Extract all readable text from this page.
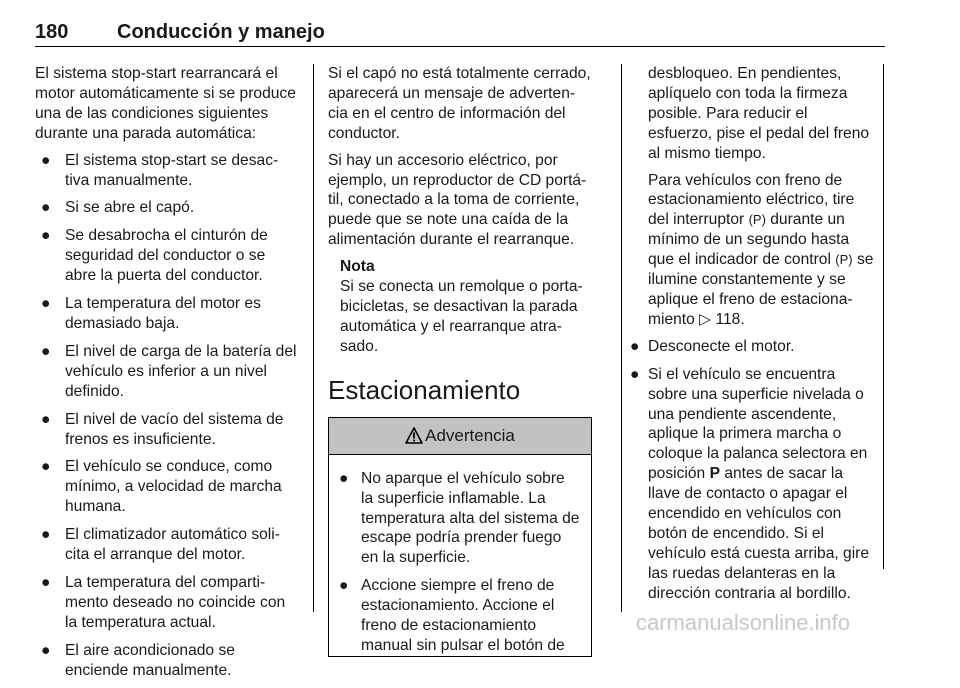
180 Conducción y manejo

El sistema stop-start rearrancará el motor automáticamente si se produce una de las condiciones siguientes durante una parada automática:

● El sistema stop-start se desac-tiva manualmente.
● Si se abre el capó.
● Se desabrocha el cinturón de seguridad del conductor o se abre la puerta del conductor.
● La temperatura del motor es demasiado baja.
● El nivel de carga de la batería del vehículo es inferior a un nivel definido.
● El nivel de vacío del sistema de frenos es insuficiente.
● El vehículo se conduce, como mínimo, a velocidad de marcha humana.
● El climatizador automático soli-cita el arranque del motor.
● La temperatura del comparti-mento deseado no coincide con la temperatura actual.
● El aire acondicionado se enciende manualmente.

Si el capó no está totalmente cerrado, aparecerá un mensaje de adverten-cia en el centro de información del conductor.

Si hay un accesorio eléctrico, por ejemplo, un reproductor de CD portá-til, conectado a la toma de corriente, puede que se note una caída de la alimentación durante el rearranque.

Nota
Si se conecta un remolque o porta-bicicletas, se desactivan la parada automática y el rearranque atra-sado.
Estacionamiento
Advertencia
● No aparque el vehículo sobre la superficie inflamable. La temperatura alta del sistema de escape podría prender fuego en la superficie.
● Accione siempre el freno de estacionamiento. Accione el freno de estacionamiento manual sin pulsar el botón de

desbloqueo. En pendientes, aplíquelo con toda la firmeza posible. Para reducir el esfuerzo, pise el pedal del freno al mismo tiempo.

Para vehículos con freno de estacionamiento eléctrico, tire del interruptor (P) durante un mínimo de un segundo hasta que el indicador de control (P) se ilumine constantemente y se aplique el freno de estaciona-miento ▷ 118.

● Desconecte el motor.
● Si el vehículo se encuentra sobre una superficie nivelada o una pendiente ascendente, aplique la primera marcha o coloque la palanca selectora en posición P antes de sacar la llave de contacto o apagar el encendido en vehículos con botón de encendido. Si el vehículo está cuesta arriba, gire las ruedas delanteras en la dirección contraria al bordillo.
carmanualsonline.info
